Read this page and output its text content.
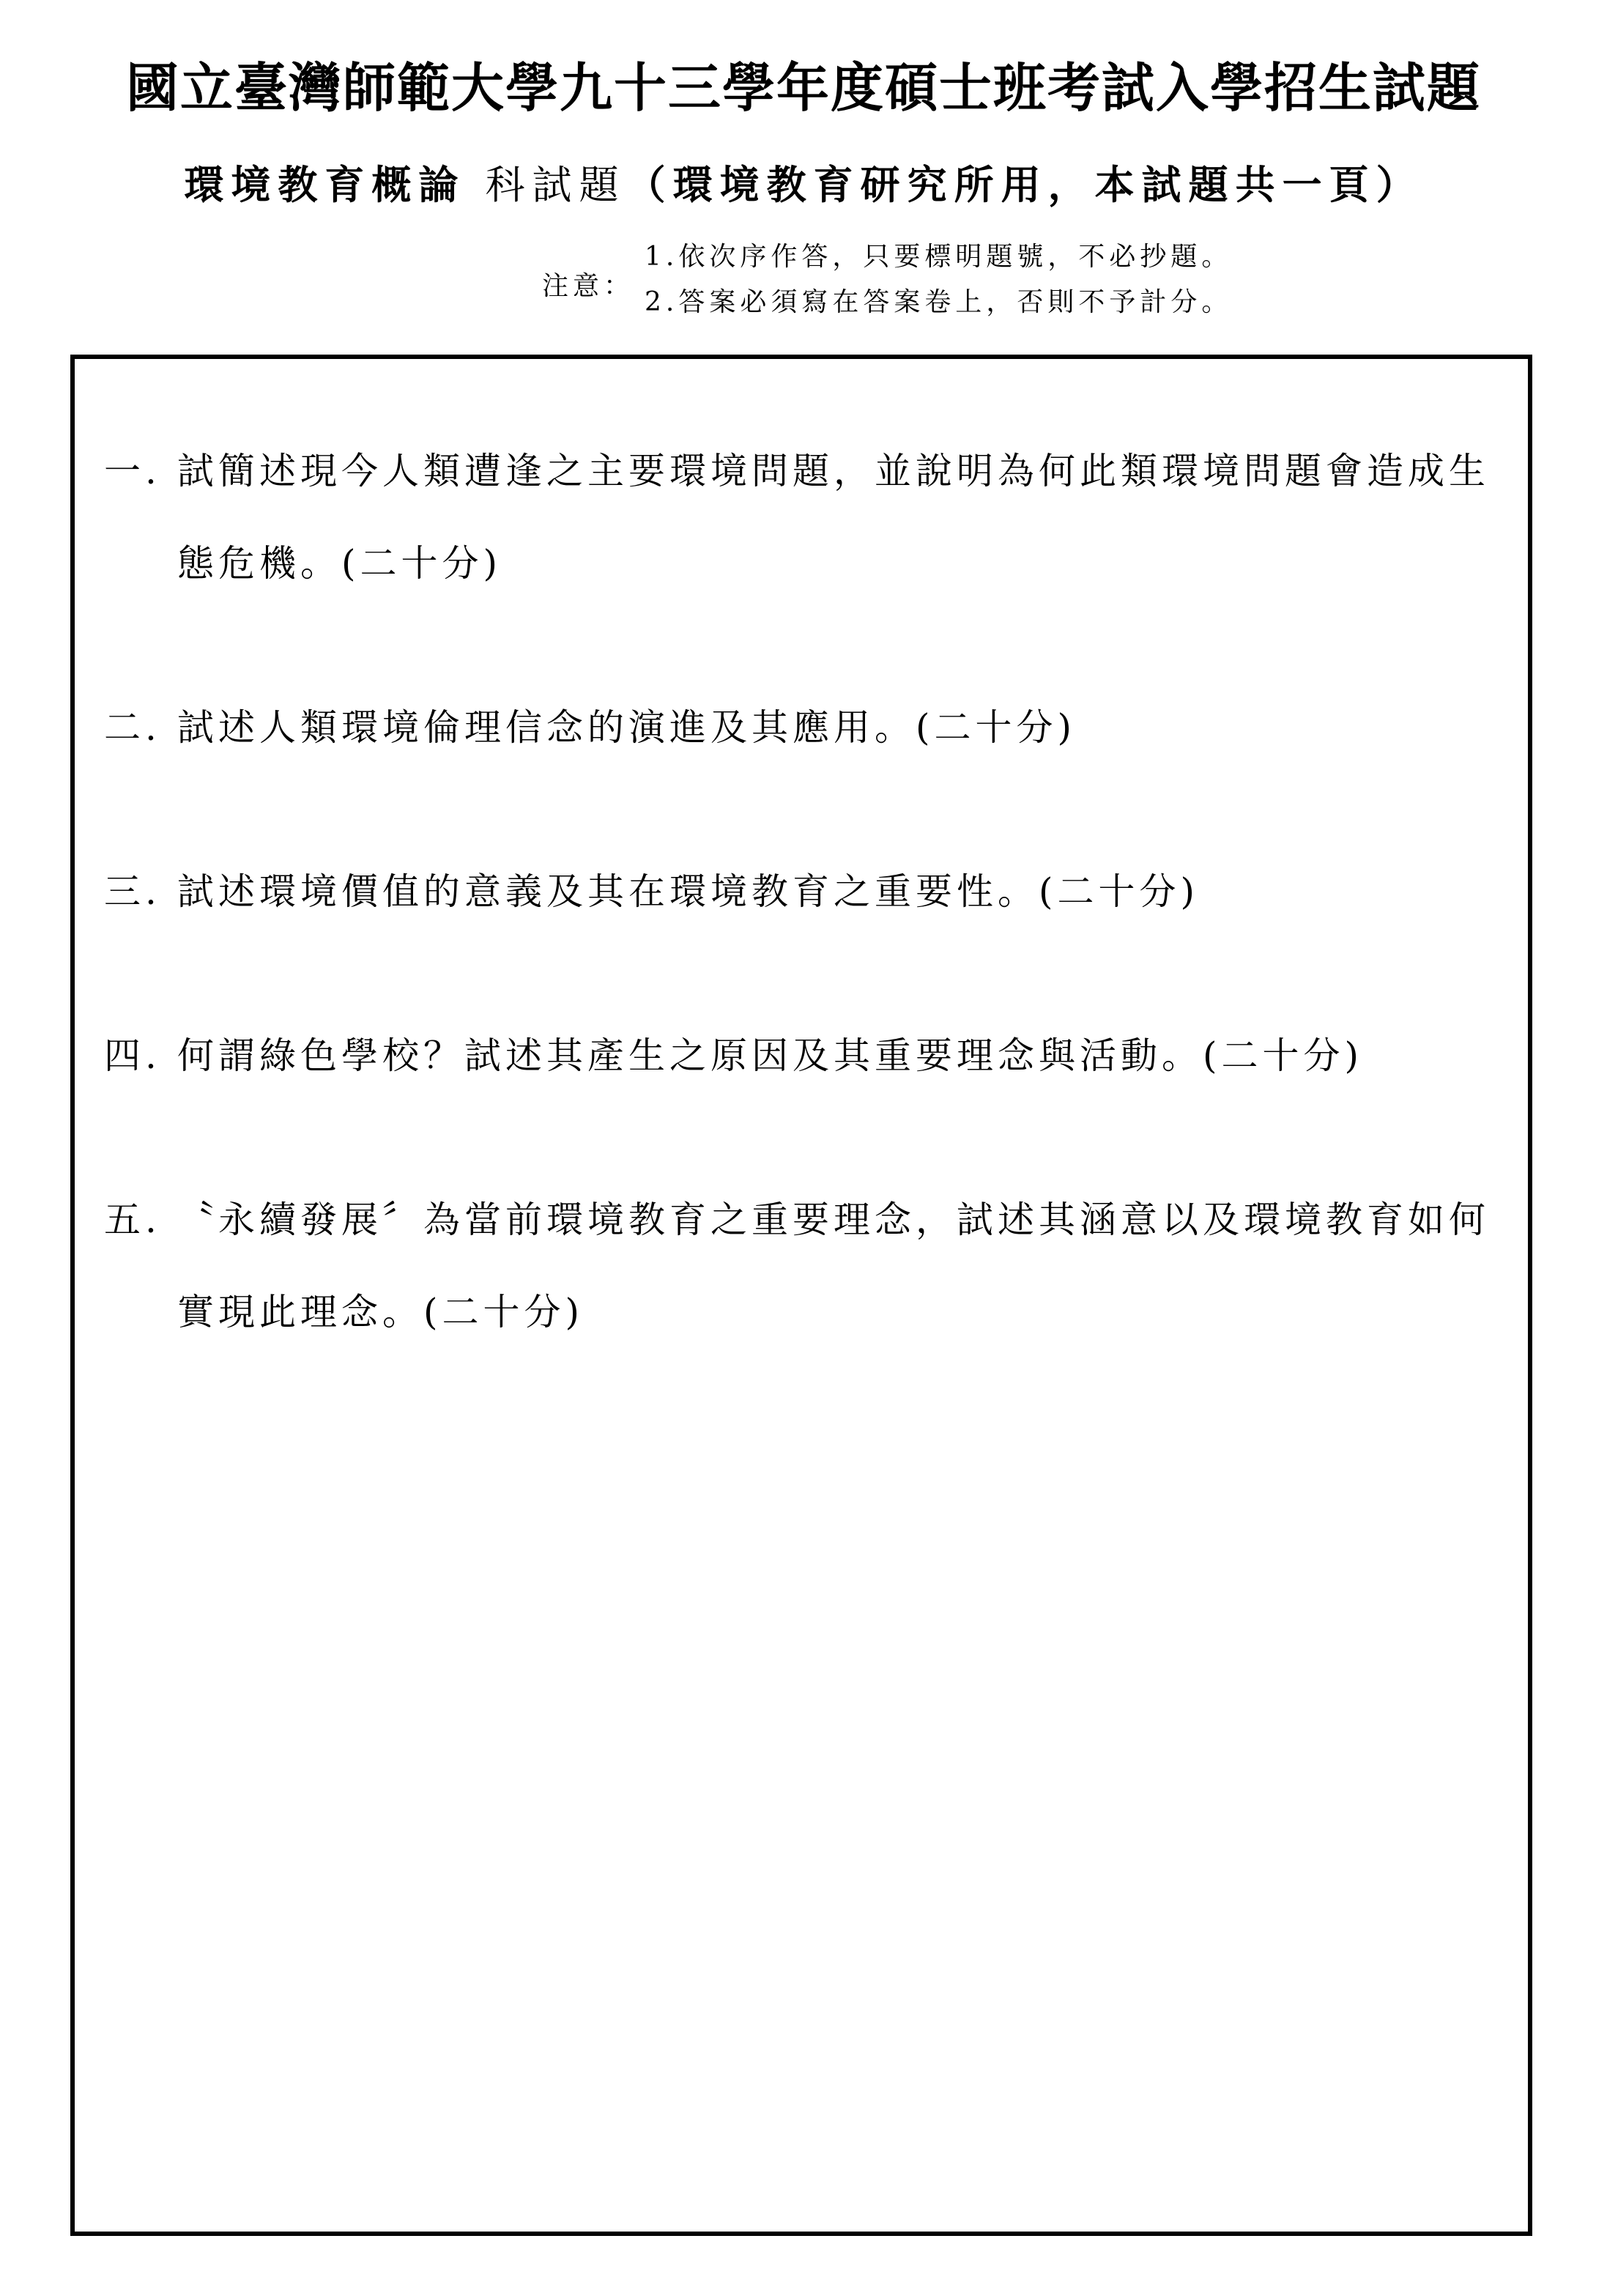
國立臺灣師範大學九十三學年度碩士班考試入學招生試題
環境教育概論 科試題（環境教育研究所用，本試題共一頁）
注意：
1.依次序作答，只要標明題號，不必抄題。
2.答案必須寫在答案卷上，否則不予計分。
一. 試簡述現今人類遭逢之主要環境問題，並說明為何此類環境問題會造成生態危機。(二十分)
二. 試述人類環境倫理信念的演進及其應用。(二十分)
三. 試述環境價值的意義及其在環境教育之重要性。(二十分)
四. 何謂綠色學校？試述其產生之原因及其重要理念與活動。(二十分)
五. 〝永續發展〞為當前環境教育之重要理念，試述其涵意以及環境教育如何實現此理念。(二十分)
